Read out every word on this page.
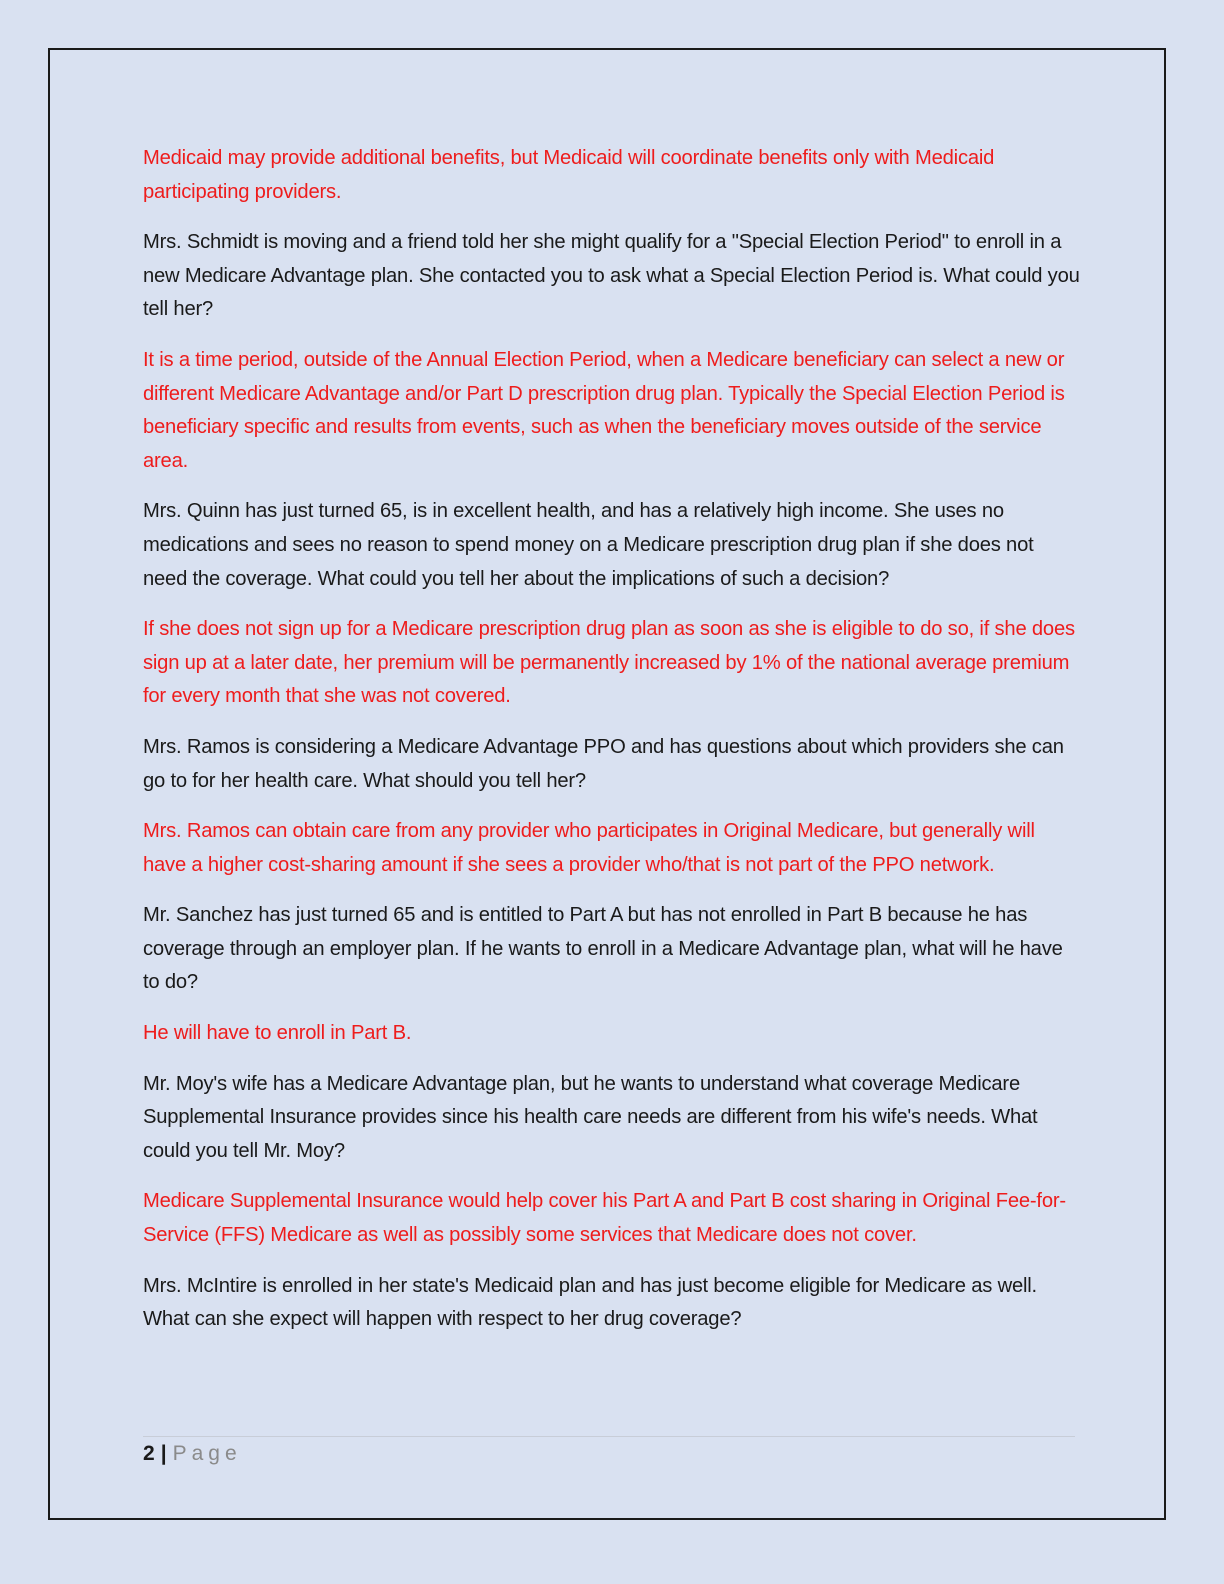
Medicaid may provide additional benefits, but Medicaid will coordinate benefits only with Medicaid participating providers.

Mrs. Schmidt is moving and a friend told her she might qualify for a "Special Election Period" to enroll in a new Medicare Advantage plan. She contacted you to ask what a Special Election Period is. What could you tell her?

It is a time period, outside of the Annual Election Period, when a Medicare beneficiary can select a new or different Medicare Advantage and/or Part D prescription drug plan. Typically the Special Election Period is beneficiary specific and results from events, such as when the beneficiary moves outside of the service area.

Mrs. Quinn has just turned 65, is in excellent health, and has a relatively high income. She uses no medications and sees no reason to spend money on a Medicare prescription drug plan if she does not need the coverage. What could you tell her about the implications of such a decision?

If she does not sign up for a Medicare prescription drug plan as soon as she is eligible to do so, if she does sign up at a later date, her premium will be permanently increased by 1% of the national average premium for every month that she was not covered.

Mrs. Ramos is considering a Medicare Advantage PPO and has questions about which providers she can go to for her health care. What should you tell her?

Mrs. Ramos can obtain care from any provider who participates in Original Medicare, but generally will have a higher cost-sharing amount if she sees a provider who/that is not part of the PPO network.

Mr. Sanchez has just turned 65 and is entitled to Part A but has not enrolled in Part B because he has coverage through an employer plan. If he wants to enroll in a Medicare Advantage plan, what will he have to do?

He will have to enroll in Part B.

Mr. Moy's wife has a Medicare Advantage plan, but he wants to understand what coverage Medicare Supplemental Insurance provides since his health care needs are different from his wife's needs. What could you tell Mr. Moy?

Medicare Supplemental Insurance would help cover his Part A and Part B cost sharing in Original Fee-for-Service (FFS) Medicare as well as possibly some services that Medicare does not cover.

Mrs. McIntire is enrolled in her state's Medicaid plan and has just become eligible for Medicare as well. What can she expect will happen with respect to her drug coverage?

2 | Page
